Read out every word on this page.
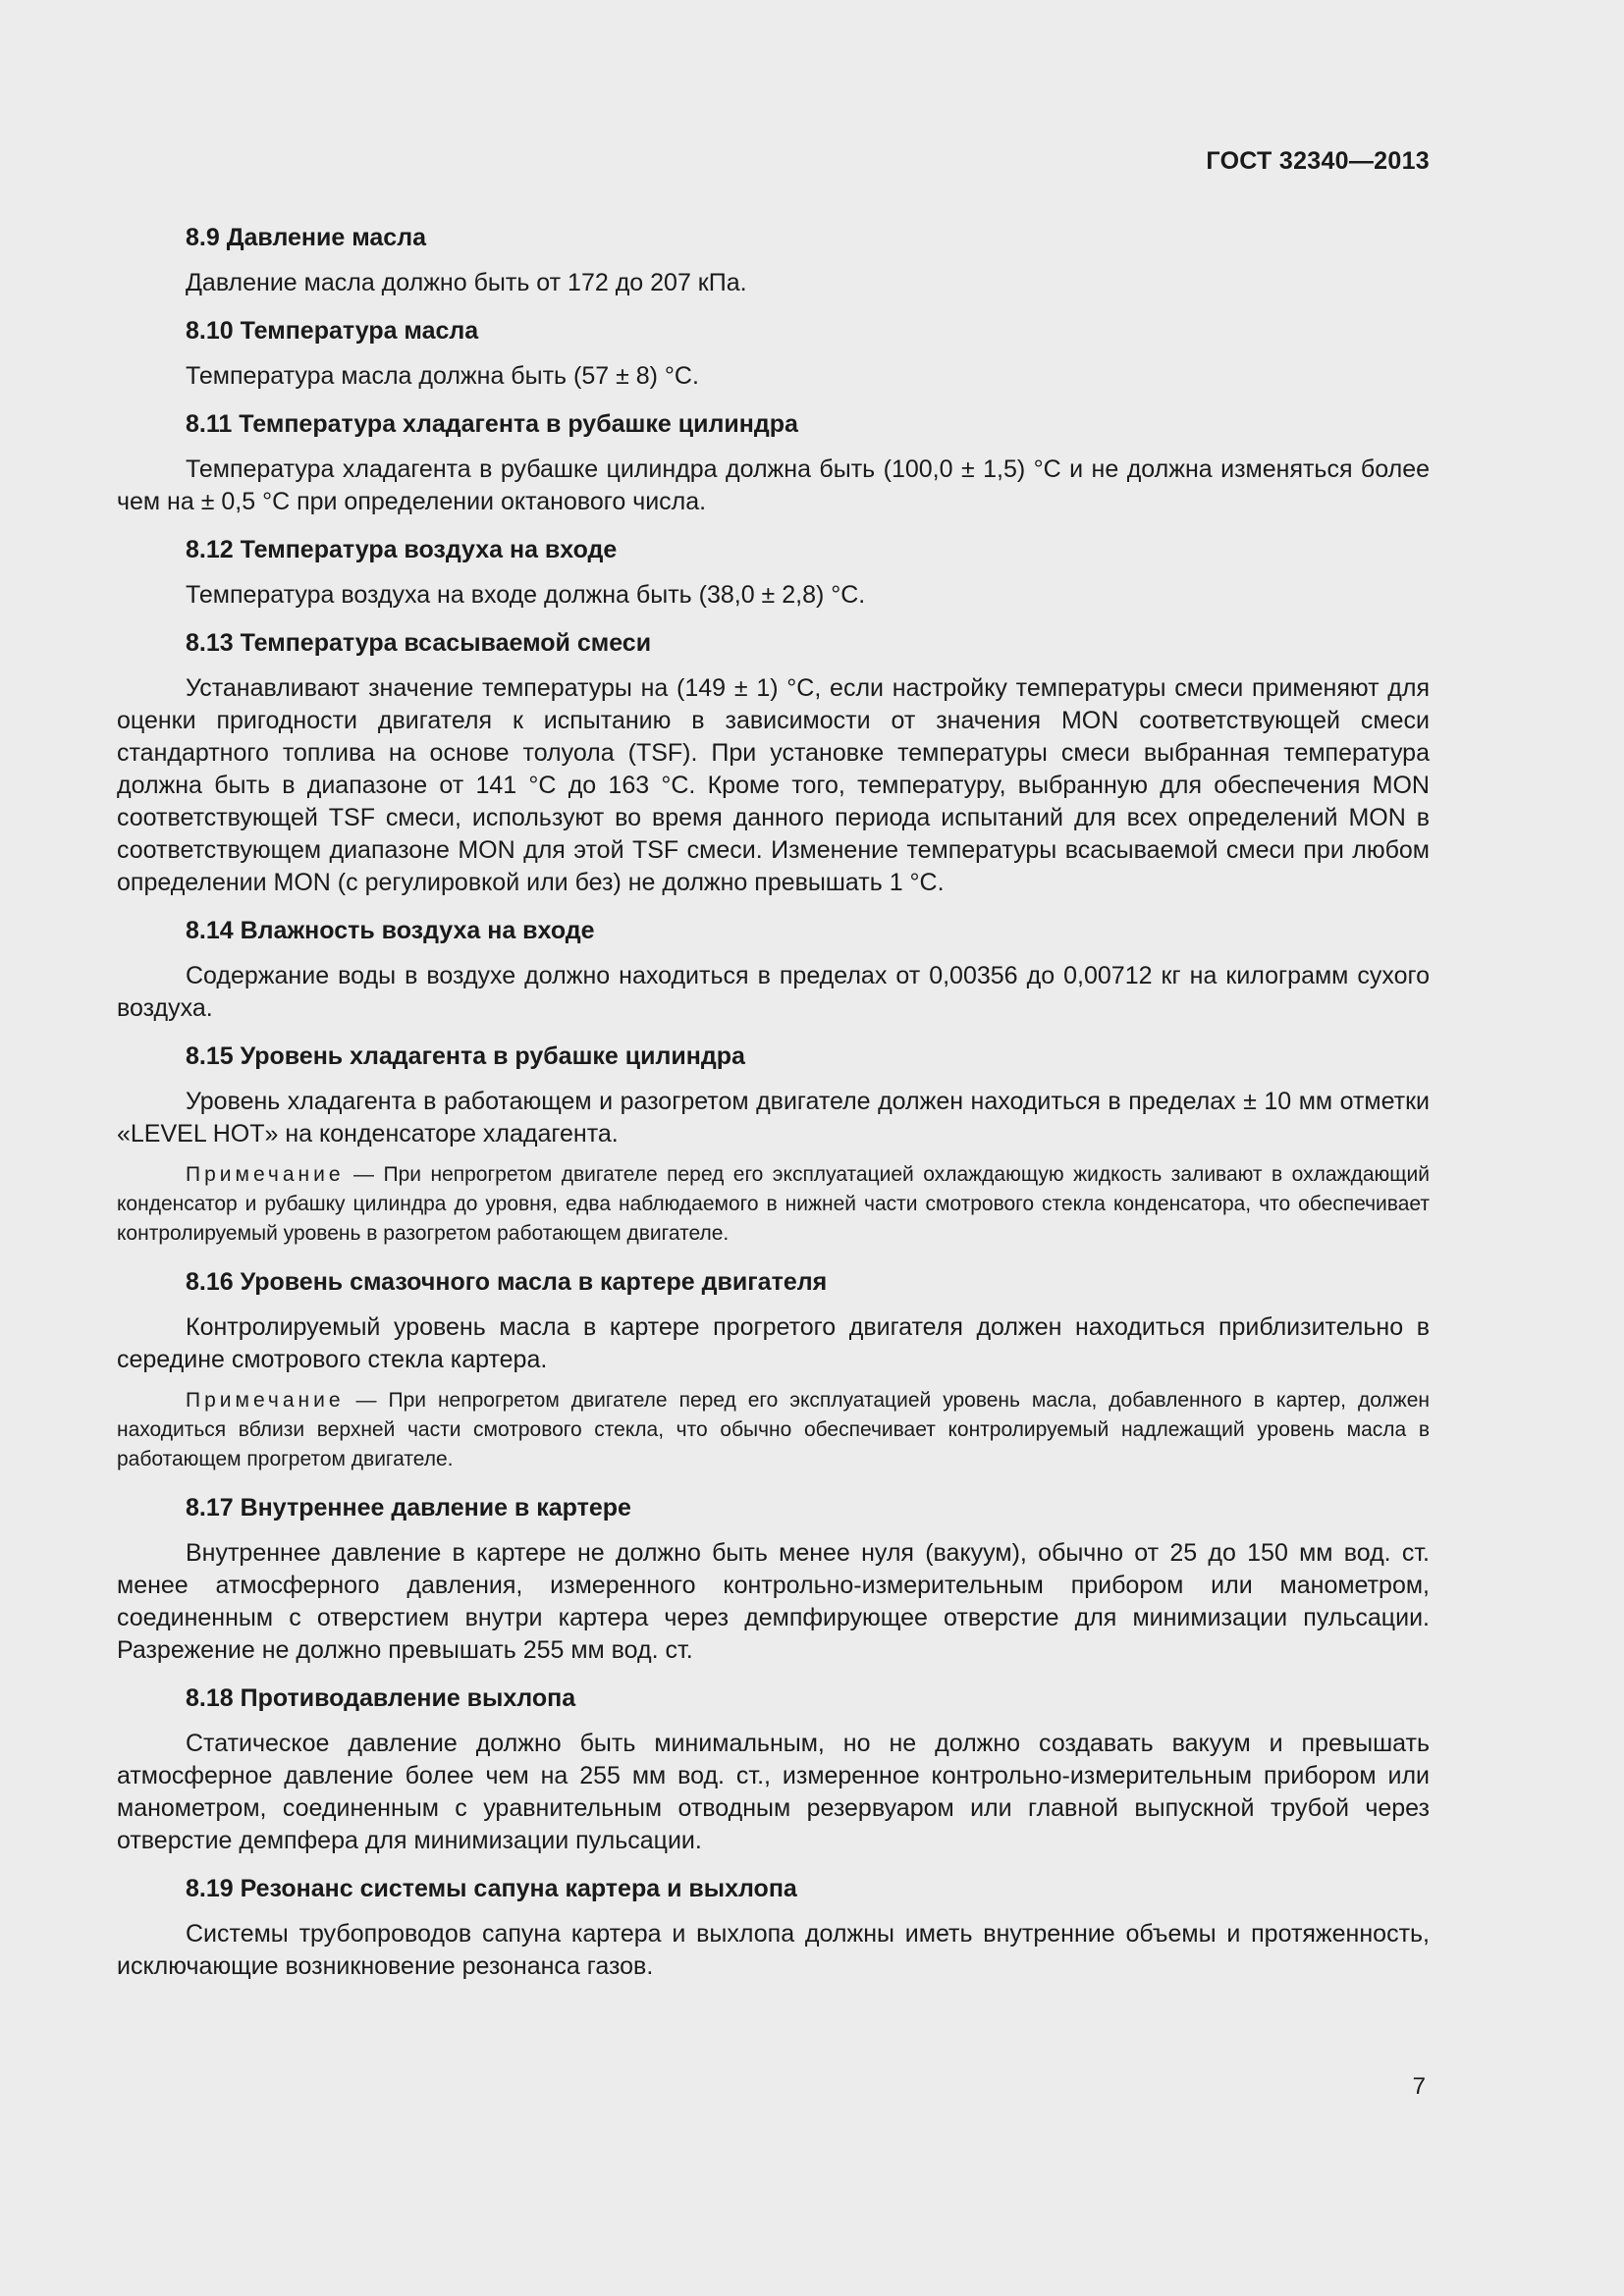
ГОСТ 32340—2013
8.9 Давление масла

Давление масла должно быть от 172 до 207 кПа.

8.10 Температура масла

Температура масла должна быть (57 ± 8) °С.

8.11 Температура хладагента в рубашке цилиндра

Температура хладагента в рубашке цилиндра должна быть (100,0 ± 1,5) °С и не должна изменяться более чем на ± 0,5 °С при определении октанового числа.

8.12 Температура воздуха на входе

Температура воздуха на входе должна быть (38,0 ± 2,8) °С.

8.13 Температура всасываемой смеси

Устанавливают значение температуры на (149 ± 1) °С, если настройку температуры смеси применяют для оценки пригодности двигателя к испытанию в зависимости от значения MON соответствующей смеси стандартного топлива на основе толуола (TSF). При установке температуры смеси выбранная температура должна быть в диапазоне от 141 °С до 163 °С. Кроме того, температуру, выбранную для обеспечения MON соответствующей TSF смеси, используют во время данного периода испытаний для всех определений MON в соответствующем диапазоне MON для этой TSF смеси. Изменение температуры всасываемой смеси при любом определении MON (с регулировкой или без) не должно превышать 1 °С.

8.14 Влажность воздуха на входе

Содержание воды в воздухе должно находиться в пределах от 0,00356 до 0,00712 кг на килограмм сухого воздуха.

8.15 Уровень хладагента в рубашке цилиндра

Уровень хладагента в работающем и разогретом двигателе должен находиться в пределах ± 10 мм отметки «LEVEL HOT» на конденсаторе хладагента.

Примечание — При непрогретом двигателе перед его эксплуатацией охлаждающую жидкость заливают в охлаждающий конденсатор и рубашку цилиндра до уровня, едва наблюдаемого в нижней части смотрового стекла конденсатора, что обеспечивает контролируемый уровень в разогретом работающем двигателе.

8.16 Уровень смазочного масла в картере двигателя

Контролируемый уровень масла в картере прогретого двигателя должен находиться приблизительно в середине смотрового стекла картера.

Примечание — При непрогретом двигателе перед его эксплуатацией уровень масла, добавленного в картер, должен находиться вблизи верхней части смотрового стекла, что обычно обеспечивает контролируемый надлежащий уровень масла в работающем прогретом двигателе.

8.17 Внутреннее давление в картере

Внутреннее давление в картере не должно быть менее нуля (вакуум), обычно от 25 до 150 мм вод. ст. менее атмосферного давления, измеренного контрольно-измерительным прибором или манометром, соединенным с отверстием внутри картера через демпфирующее отверстие для минимизации пульсации. Разрежение не должно превышать 255 мм вод. ст.

8.18 Противодавление выхлопа

Статическое давление должно быть минимальным, но не должно создавать вакуум и превышать атмосферное давление более чем на 255 мм вод. ст., измеренное контрольно-измерительным прибором или манометром, соединенным с уравнительным отводным резервуаром или главной выпускной трубой через отверстие демпфера для минимизации пульсации.

8.19 Резонанс системы сапуна картера и выхлопа

Системы трубопроводов сапуна картера и выхлопа должны иметь внутренние объемы и протяженность, исключающие возникновение резонанса газов.

7
